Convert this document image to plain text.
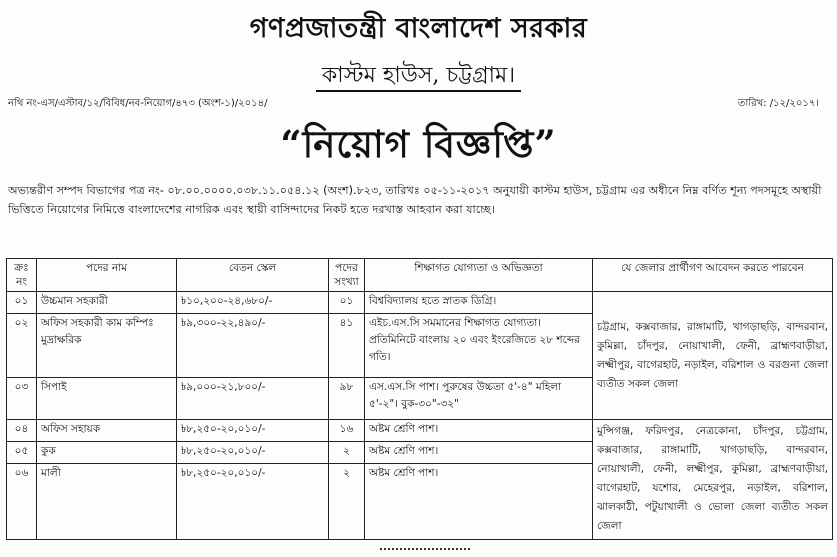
গণপ্রজাতন্ত্রী বাংলাদেশ সরকার
কাস্টম হাউস, চট্টগ্রাম।
নথি নং-এস/এস্টাব/১২/বিবিধ/নব-নিয়োগ/৪৭৩ (অংশ-১)/২০১৪/	তারিখ: /১২/২০১৭।
“নিয়োগ বিজ্ঞপ্তি”
অভ্যন্তরীণ সম্পদ বিভাগের পত্র নং- ০৮.০০.০০০০.০৩৮.১১.০৫৪.১২ (অংশ).৮২৩, তারিখঃ ০৫-১১-২০১৭ অনুযায়ী কাস্টম হাউস, চট্টগ্রাম এর অধীনে নিম্ন বর্ণিত শূন্য পদসমূহে অস্থায়ী ভিত্তিতে নিয়োগের নিমিত্তে বাংলাদেশের নাগরিক এবং স্থায়ী বাসিন্দাদের নিকট হতে দরখাস্ত আহবান করা যাচ্ছে।
ক্রঃ নং	পদের নাম	বেতন স্কেল	পদের সংখ্যা	শিক্ষাগত যোগ্যতা ও অভিজ্ঞতা	যে জেলার প্রার্থীগণ আবেদন করতে পারবেন
০১	উচ্চমান সহকারী	৳১০,২০০-২৪,৬৮০/-	০১	বিশ্ববিদ্যালয় হতে স্নাতক ডিগ্রি।	চট্টগ্রাম, কক্সবাজার, রাঙ্গামাটি, খাগড়াছড়ি, বান্দরবান, কুমিল্লা, চাঁদপুর, নোয়াখালী, ফেনী, ব্রাহ্মণবাড়ীয়া, লক্ষ্মীপুর, বাগেরহাট, নড়াইল, বরিশাল ও বরগুনা জেলা ব্যতীত সকল জেলা
০২	অফিস সহকারী কাম কম্পিঃ মুদ্রাক্ষরিক	৳৯,৩০০-২২,৪৯০/-	৪১	এইচ.এস.সি সমমানের শিক্ষাগত যোগ্যতা। প্রতিমিনিটে বাংলায় ২০ এবং ইংরেজিতে ২৮ শব্দের গতি।	
০৩	সিপাই	৳৯,০০০-২১,৮০০/-	৯৮	এস.এস.সি পাশ। পুরুষের উচ্চতা ৫'-৪" মহিলা ৫'-২"। বুক-৩০"-৩২"	
০৪	অফিস সহায়ক	৳৮,২৫০-২০,০১০/-	১৬	অষ্টম শ্রেণি পাশ।	মুন্সিগঞ্জ, ফরিদপুর, নেত্রকোনা, চাঁদপুর, চট্টগ্রাম, কক্সবাজার, রাঙ্গামাটি, খাগড়াছড়ি, বান্দরবান, নোয়াখালী, ফেনী, লক্ষ্মীপুর, কুমিল্লা, ব্রাহ্মণবাড়ীয়া, বাগেরহাট, যশোর, মেহেরপুর, নড়াইল, বরিশাল, ঝালকাঠী, পটুয়াখালী ও ভোলা জেলা ব্যতীত সকল জেলা
০৫	কুক	৳৮,২৫০-২০,০১০/-	২	অষ্টম শ্রেণি পাশ।	
০৬	মালী	৳৮,২৫০-২০,০১০/-	২	অষ্টম শ্রেণি পাশ।	
